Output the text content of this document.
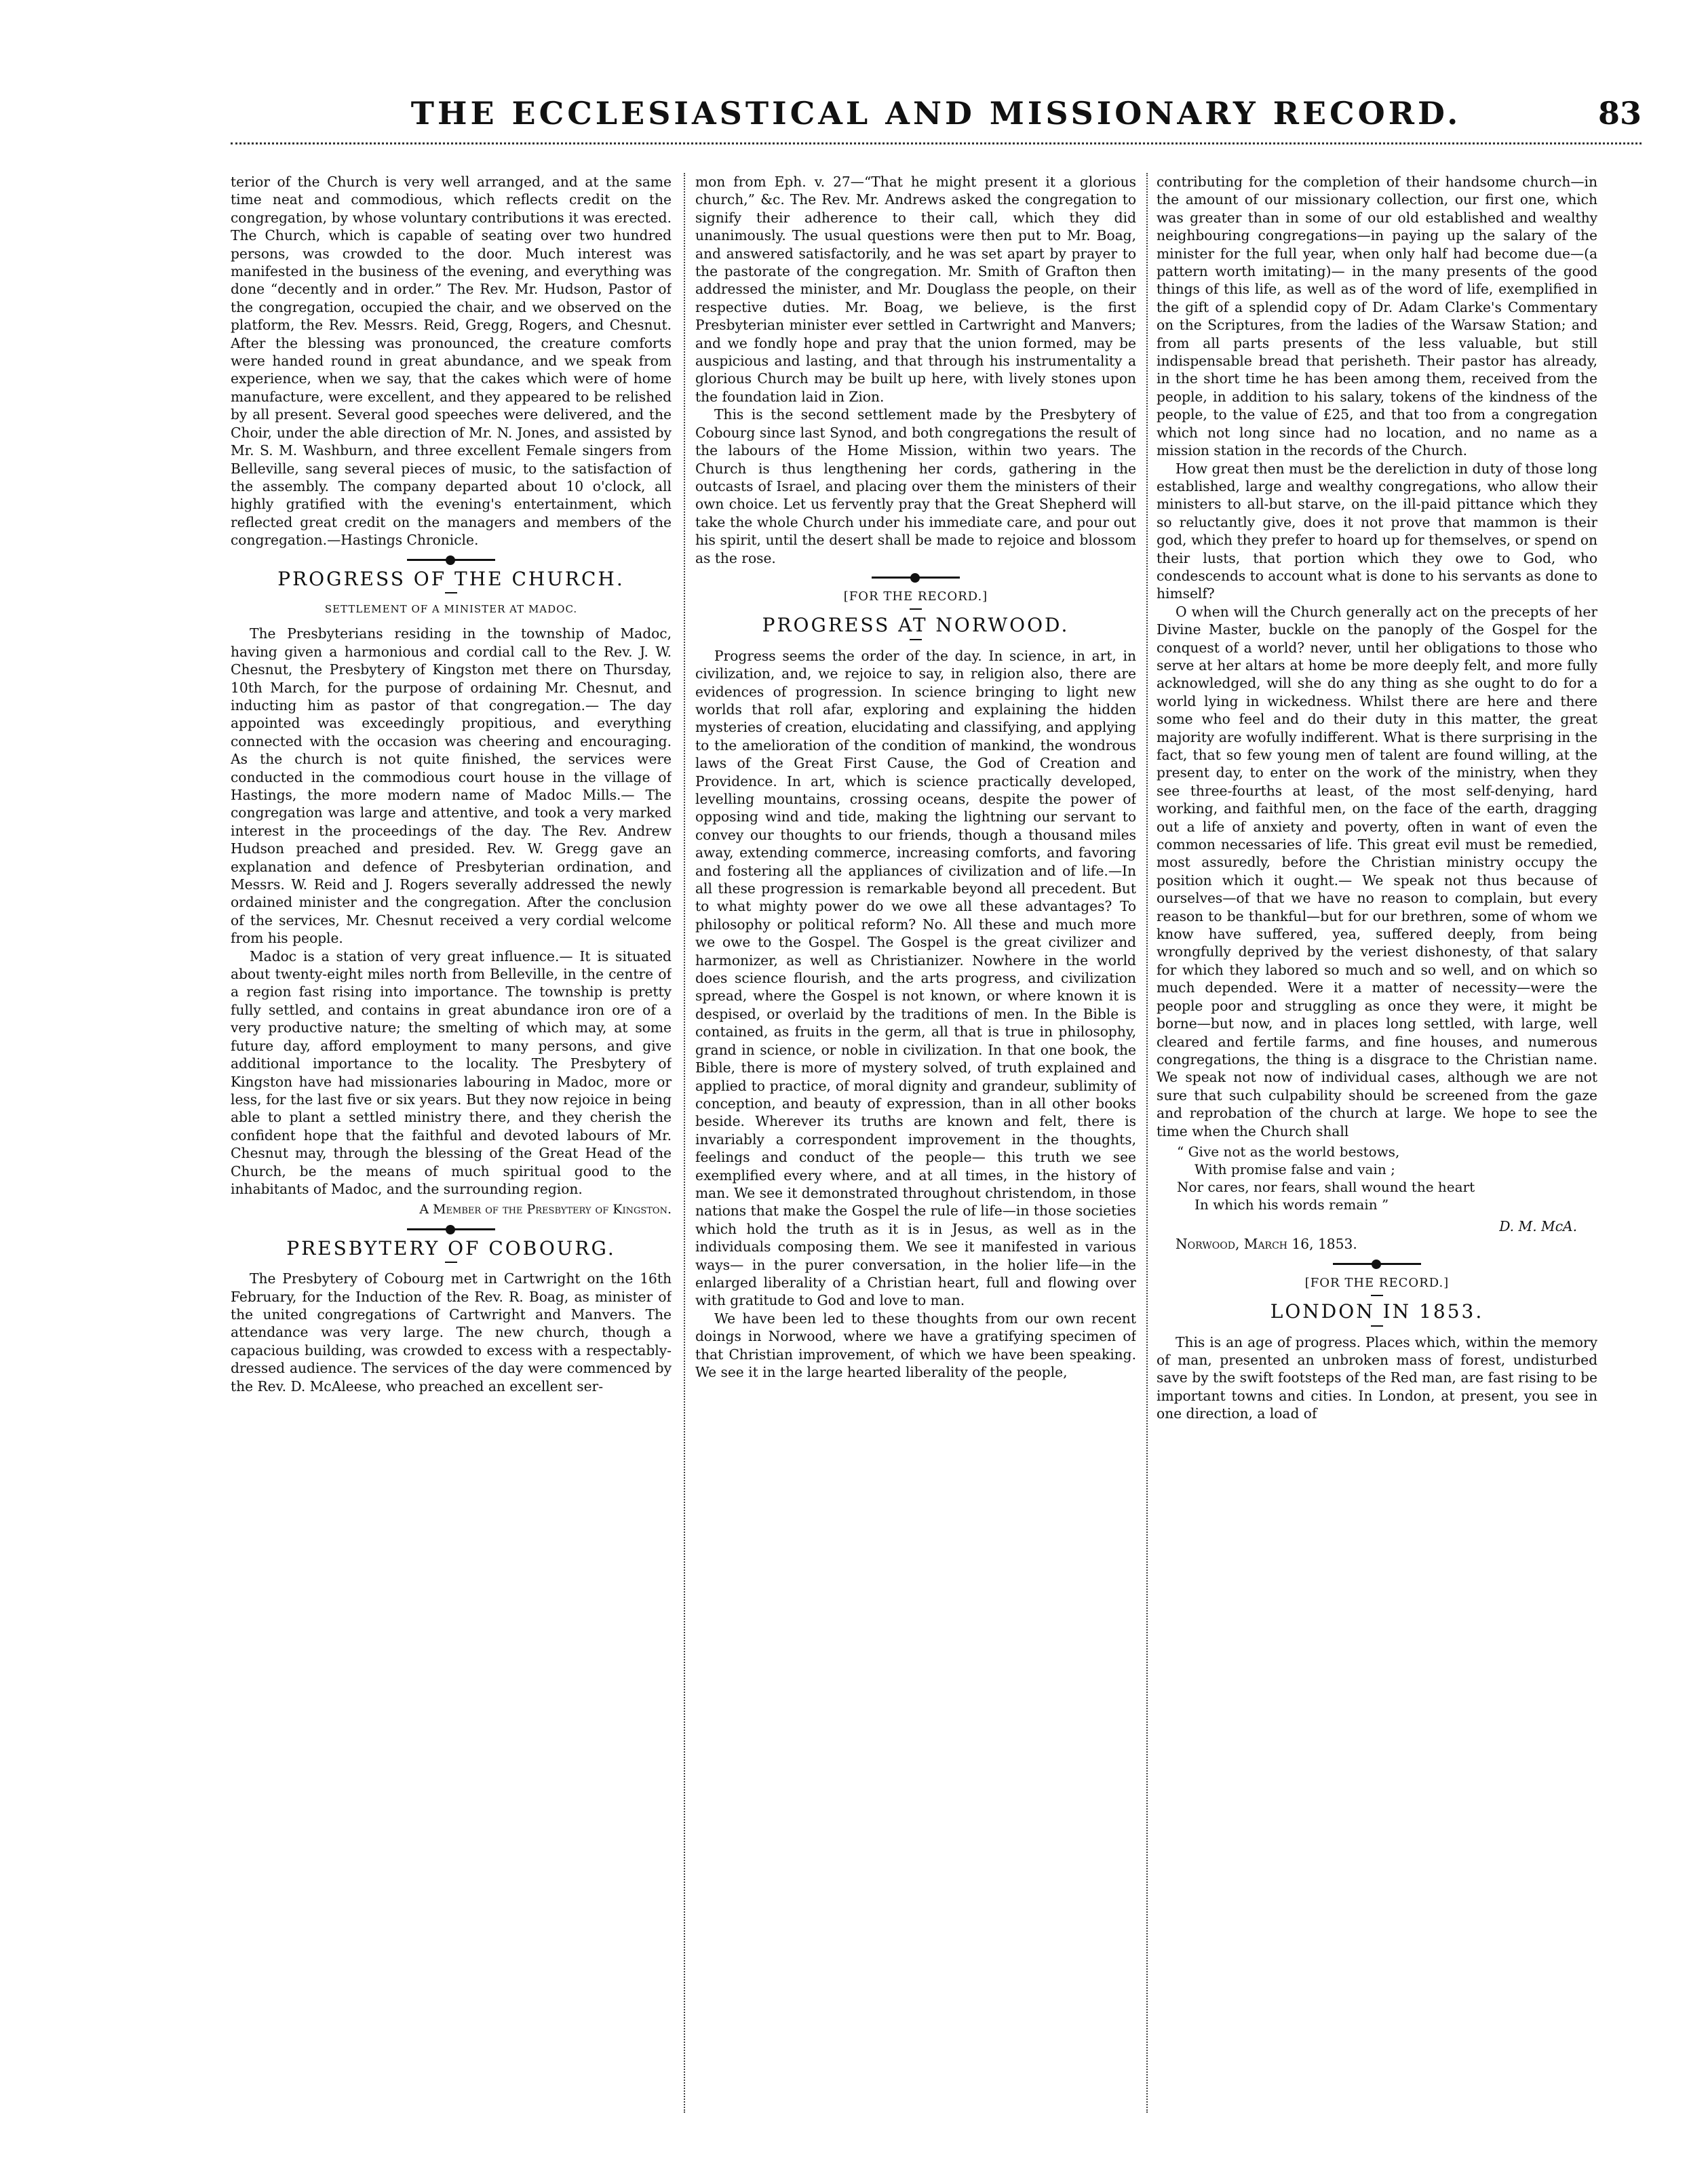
THE ECCLESIASTICAL AND MISSIONARY RECORD.	83

terior of the Church is very well arranged, and at the same time neat and commodious, which reflects credit on the congregation, by whose voluntary contributions it was erected. The Church, which is capable of seating over two hundred persons, was crowded to the door. Much interest was manifested in the business of the evening, and everything was done “decently and in order.” The Rev. Mr. Hudson, Pastor of the congregation, occupied the chair, and we observed on the platform, the Rev. Messrs. Reid, Gregg, Rogers, and Chesnut. After the blessing was pronounced, the creature comforts were handed round in great abundance, and we speak from experience, when we say, that the cakes which were of home manufacture, were excellent, and they appeared to be relished by all present. Several good speeches were delivered, and the Choir, under the able direction of Mr. N. Jones, and assisted by Mr. S. M. Washburn, and three excellent Female singers from Belleville, sang several pieces of music, to the satisfaction of the assembly. The company departed about 10 o'clock, all highly gratified with the evening's entertainment, which reflected great credit on the managers and members of the congregation.—Hastings Chronicle.

PROGRESS OF THE CHURCH.
SETTLEMENT OF A MINISTER AT MADOC.

The Presbyterians residing in the township of Madoc, having given a harmonious and cordial call to the Rev. J. W. Chesnut, the Presbytery of Kingston met there on Thursday, 10th March, for the purpose of ordaining Mr. Chesnut, and inducting him as pastor of that congregation.— The day appointed was exceedingly propitious, and everything connected with the occasion was cheering and encouraging. As the church is not quite finished, the services were conducted in the commodious court house in the village of Hastings, the more modern name of Madoc Mills.— The congregation was large and attentive, and took a very marked interest in the proceedings of the day. The Rev. Andrew Hudson preached and presided. Rev. W. Gregg gave an explanation and defence of Presbyterian ordination, and Messrs. W. Reid and J. Rogers severally addressed the newly ordained minister and the congregation. After the conclusion of the services, Mr. Chesnut received a very cordial welcome from his people.

Madoc is a station of very great influence.— It is situated about twenty-eight miles north from Belleville, in the centre of a region fast rising into importance. The township is pretty fully settled, and contains in great abundance iron ore of a very productive nature; the smelting of which may, at some future day, afford employment to many persons, and give additional importance to the locality. The Presbytery of Kingston have had missionaries labouring in Madoc, more or less, for the last five or six years. But they now rejoice in being able to plant a settled ministry there, and they cherish the confident hope that the faithful and devoted labours of Mr. Chesnut may, through the blessing of the Great Head of the Church, be the means of much spiritual good to the inhabitants of Madoc, and the surrounding region.

A Member of the Presbytery of Kingston.
PRESBYTERY OF COBOURG.

The Presbytery of Cobourg met in Cartwright on the 16th February, for the Induction of the Rev. R. Boag, as minister of the united congregations of Cartwright and Manvers. The attendance was very large. The new church, though a capacious building, was crowded to excess with a respectably-dressed audience. The services of the day were commenced by the Rev. D. McAleese, who preached an excellent ser-

mon from Eph. v. 27—“That he might present it a glorious church,” &c. The Rev. Mr. Andrews asked the congregation to signify their adherence to their call, which they did unanimously. The usual questions were then put to Mr. Boag, and answered satisfactorily, and he was set apart by prayer to the pastorate of the congregation. Mr. Smith of Grafton then addressed the minister, and Mr. Douglass the people, on their respective duties. Mr. Boag, we believe, is the first Presbyterian minister ever settled in Cartwright and Manvers; and we fondly hope and pray that the union formed, may be auspicious and lasting, and that through his instrumentality a glorious Church may be built up here, with lively stones upon the foundation laid in Zion.

This is the second settlement made by the Presbytery of Cobourg since last Synod, and both congregations the result of the labours of the Home Mission, within two years. The Church is thus lengthening her cords, gathering in the outcasts of Israel, and placing over them the ministers of their own choice. Let us fervently pray that the Great Shepherd will take the whole Church under his immediate care, and pour out his spirit, until the desert shall be made to rejoice and blossom as the rose.

[FOR THE RECORD.]
PROGRESS AT NORWOOD.

Progress seems the order of the day. In science, in art, in civilization, and, we rejoice to say, in religion also, there are evidences of progression. In science bringing to light new worlds that roll afar, exploring and explaining the hidden mysteries of creation, elucidating and classifying, and applying to the amelioration of the condition of mankind, the wondrous laws of the Great First Cause, the God of Creation and Providence. In art, which is science practically developed, levelling mountains, crossing oceans, despite the power of opposing wind and tide, making the lightning our servant to convey our thoughts to our friends, though a thousand miles away, extending commerce, increasing comforts, and favoring and fostering all the appliances of civilization and of life.—In all these progression is remarkable beyond all precedent. But to what mighty power do we owe all these advantages? To philosophy or political reform? No. All these and much more we owe to the Gospel. The Gospel is the great civilizer and harmonizer, as well as Christianizer. Nowhere in the world does science flourish, and the arts progress, and civilization spread, where the Gospel is not known, or where known it is despised, or overlaid by the traditions of men. In the Bible is contained, as fruits in the germ, all that is true in philosophy, grand in science, or noble in civilization. In that one book, the Bible, there is more of mystery solved, of truth explained and applied to practice, of moral dignity and grandeur, sublimity of conception, and beauty of expression, than in all other books beside. Wherever its truths are known and felt, there is invariably a correspondent improvement in the thoughts, feelings and conduct of the people— this truth we see exemplified every where, and at all times, in the history of man. We see it demonstrated throughout christendom, in those nations that make the Gospel the rule of life—in those societies which hold the truth as it is in Jesus, as well as in the individuals composing them. We see it manifested in various ways— in the purer conversation, in the holier life—in the enlarged liberality of a Christian heart, full and flowing over with gratitude to God and love to man.

We have been led to these thoughts from our own recent doings in Norwood, where we have a gratifying specimen of that Christian improvement, of which we have been speaking. We see it in the large hearted liberality of the people,

contributing for the completion of their handsome church—in the amount of our missionary collection, our first one, which was greater than in some of our old established and wealthy neighbouring congregations—in paying up the salary of the minister for the full year, when only half had become due—(a pattern worth imitating)— in the many presents of the good things of this life, as well as of the word of life, exemplified in the gift of a splendid copy of Dr. Adam Clarke's Commentary on the Scriptures, from the ladies of the Warsaw Station; and from all parts presents of the less valuable, but still indispensable bread that perisheth. Their pastor has already, in the short time he has been among them, received from the people, in addition to his salary, tokens of the kindness of the people, to the value of £25, and that too from a congregation which not long since had no location, and no name as a mission station in the records of the Church.

How great then must be the dereliction in duty of those long established, large and wealthy congregations, who allow their ministers to all-but starve, on the ill-paid pittance which they so reluctantly give, does it not prove that mammon is their god, which they prefer to hoard up for themselves, or spend on their lusts, that portion which they owe to God, who condescends to account what is done to his servants as done to himself?

O when will the Church generally act on the precepts of her Divine Master, buckle on the panoply of the Gospel for the conquest of a world? never, until her obligations to those who serve at her altars at home be more deeply felt, and more fully acknowledged, will she do any thing as she ought to do for a world lying in wickedness. Whilst there are here and there some who feel and do their duty in this matter, the great majority are wofully indifferent. What is there surprising in the fact, that so few young men of talent are found willing, at the present day, to enter on the work of the ministry, when they see three-fourths at least, of the most self-denying, hard working, and faithful men, on the face of the earth, dragging out a life of anxiety and poverty, often in want of even the common necessaries of life. This great evil must be remedied, most assuredly, before the Christian ministry occupy the position which it ought.— We speak not thus because of ourselves—of that we have no reason to complain, but every reason to be thankful—but for our brethren, some of whom we know have suffered, yea, suffered deeply, from being wrongfully deprived by the veriest dishonesty, of that salary for which they labored so much and so well, and on which so much depended. Were it a matter of necessity—were the people poor and struggling as once they were, it might be borne—but now, and in places long settled, with large, well cleared and fertile farms, and fine houses, and numerous congregations, the thing is a disgrace to the Christian name. We speak not now of individual cases, although we are not sure that such culpability should be screened from the gaze and reprobation of the church at large. We hope to see the time when the Church shall

“ Give not as the world bestows,
With promise false and vain ;
Nor cares, nor fears, shall wound the heart
In which his words remain ”
D. M. McA.

Norwood, March 16, 1853.

[FOR THE RECORD.]
LONDON IN 1853.

This is an age of progress. Places which, within the memory of man, presented an unbroken mass of forest, undisturbed save by the swift footsteps of the Red man, are fast rising to be important towns and cities. In London, at present, you see in one direction, a load of
